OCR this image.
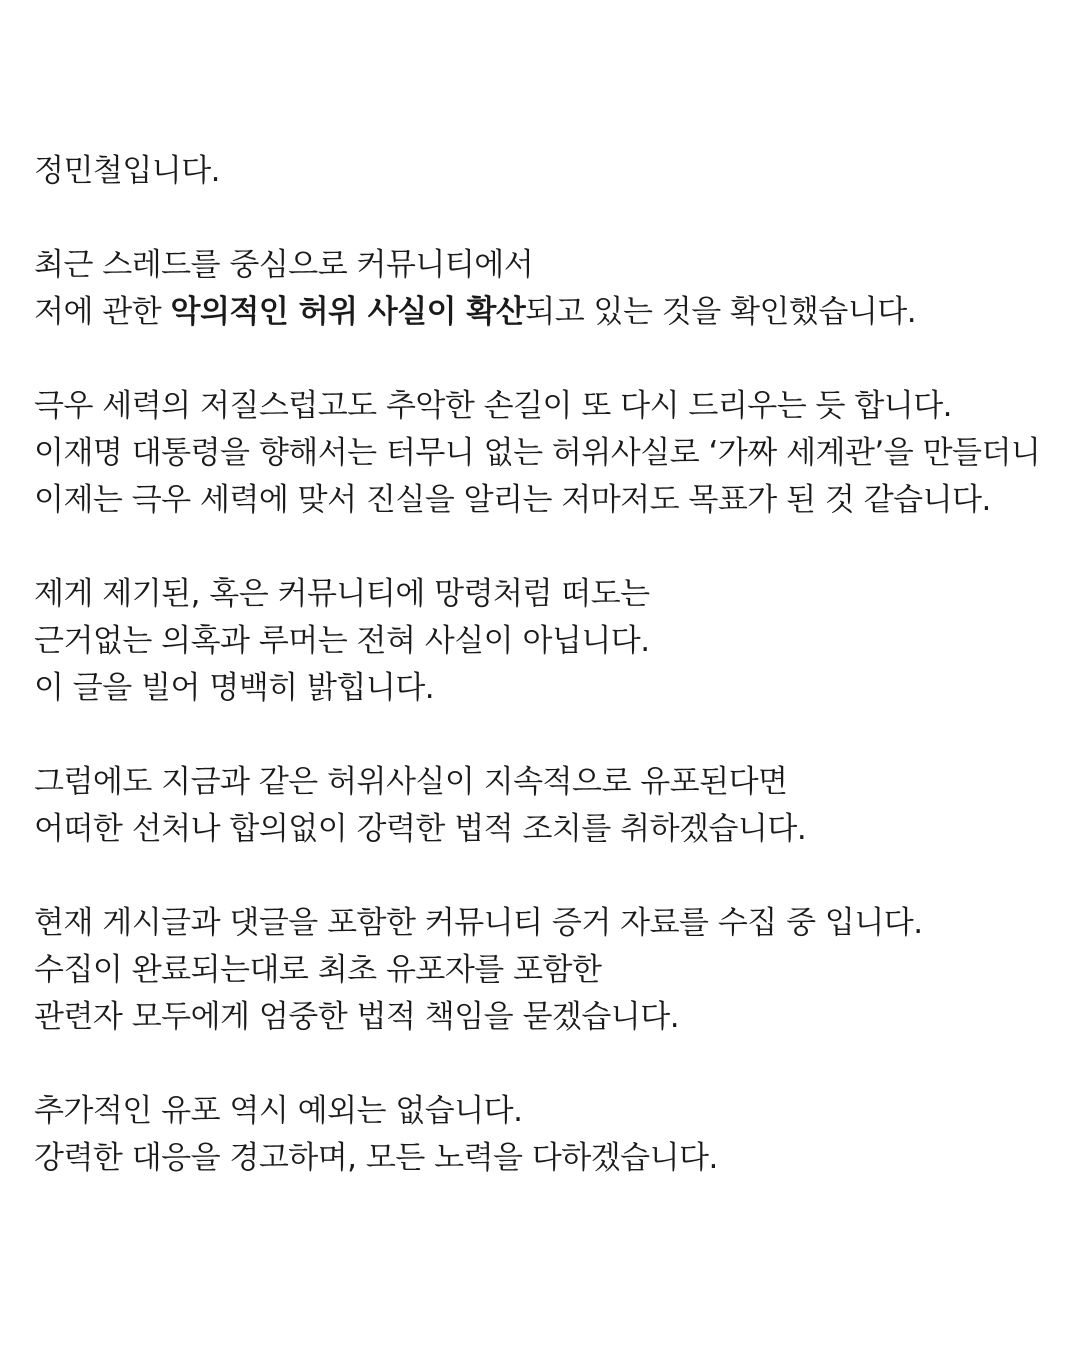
정민철입니다.
최근 스레드를 중심으로 커뮤니티에서
저에 관한 악의적인 허위 사실이 확산되고 있는 것을 확인했습니다.
극우 세력의 저질스럽고도 추악한 손길이 또 다시 드리우는 듯 합니다.
이재명 대통령을 향해서는 터무니 없는 허위사실로 ‘가짜 세계관’을 만들더니
이제는 극우 세력에 맞서 진실을 알리는 저마저도 목표가 된 것 같습니다.
제게 제기된, 혹은 커뮤니티에 망령처럼 떠도는
근거없는 의혹과 루머는 전혀 사실이 아닙니다.
이 글을 빌어 명백히 밝힙니다.
그럼에도 지금과 같은 허위사실이 지속적으로 유포된다면
어떠한 선처나 합의없이 강력한 법적 조치를 취하겠습니다.
현재 게시글과 댓글을 포함한 커뮤니티 증거 자료를 수집 중 입니다.
수집이 완료되는대로 최초 유포자를 포함한
관련자 모두에게 엄중한 법적 책임을 묻겠습니다.
추가적인 유포 역시 예외는 없습니다.
강력한 대응을 경고하며, 모든 노력을 다하겠습니다.
